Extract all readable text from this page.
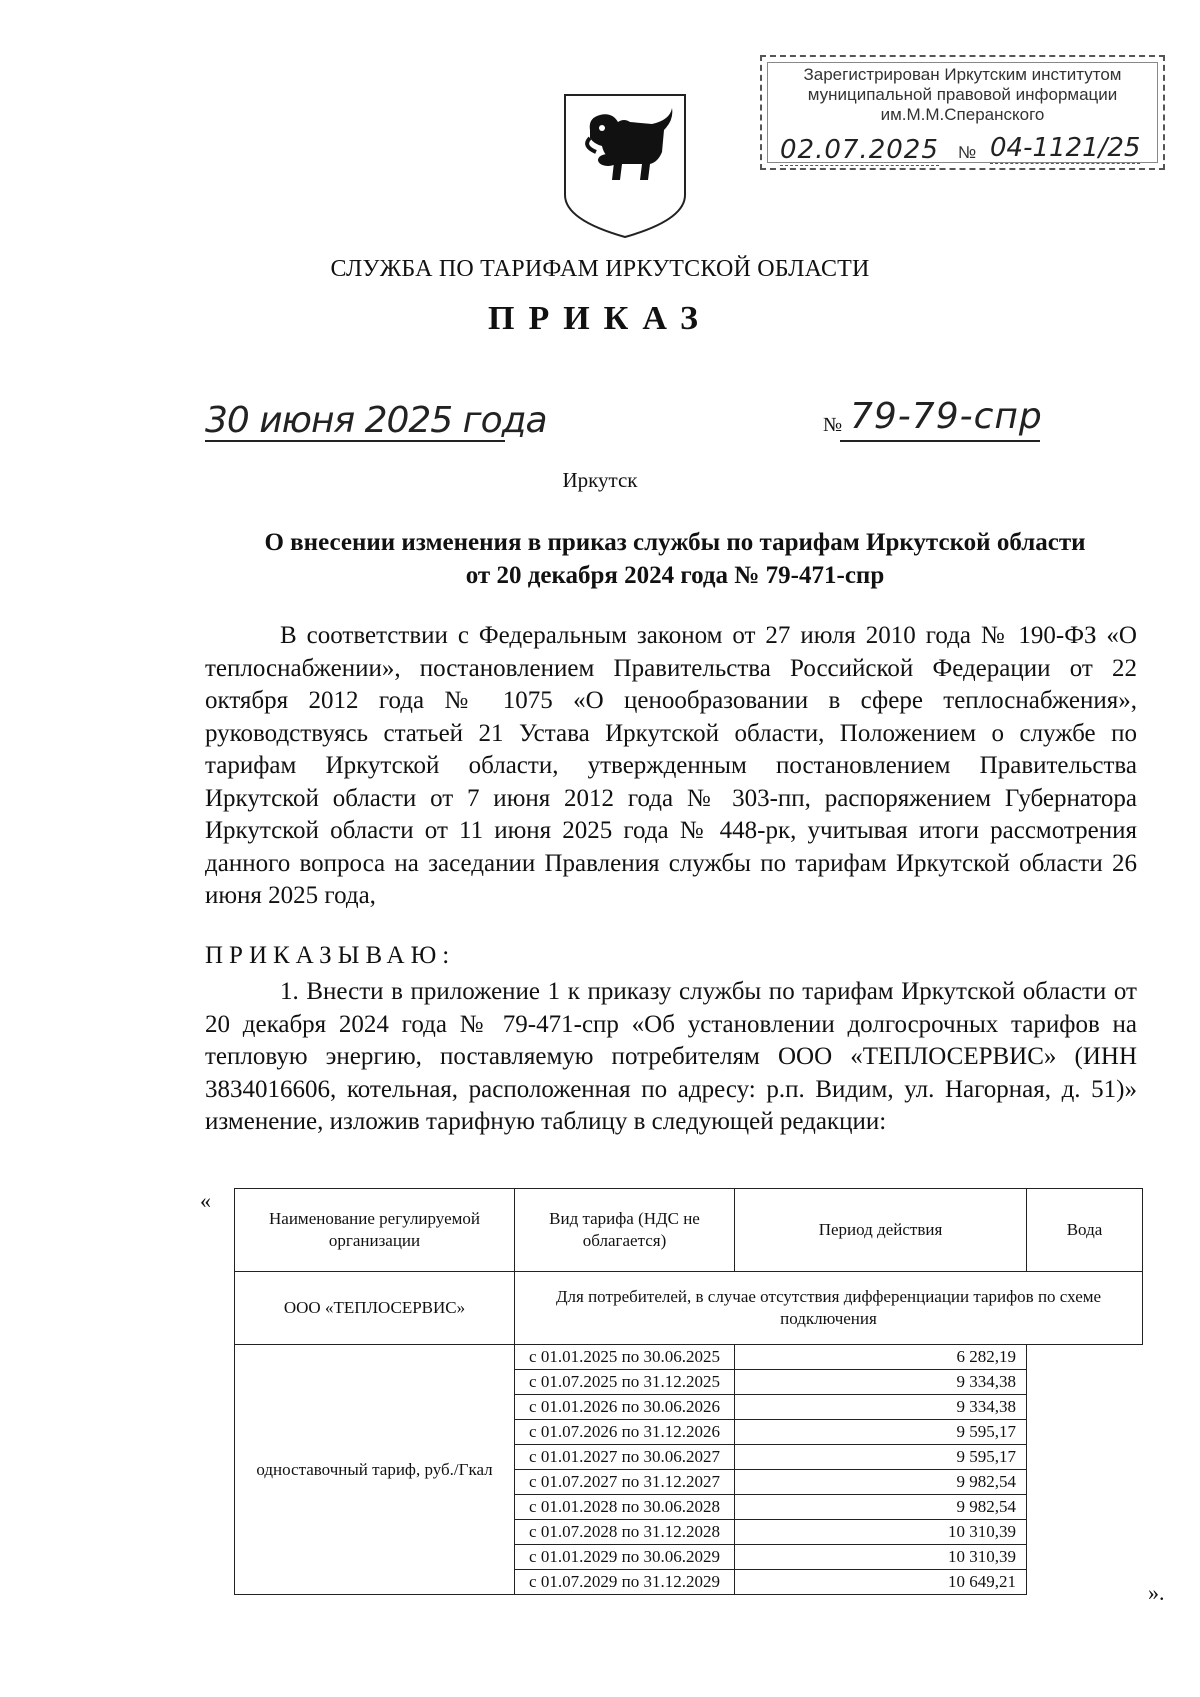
Зарегистрирован Иркутским институтом
муниципальной правовой информации
им.М.М.Сперанского
02.07.2025 № 04-1121/25
СЛУЖБА ПО ТАРИФАМ ИРКУТСКОЙ ОБЛАСТИ
ПРИКАЗ
30 июня 2025 года	№ 79-79-спр
Иркутск
О внесении изменения в приказ службы по тарифам Иркутской области
от 20 декабря 2024 года № 79-471-спр
В соответствии с Федеральным законом от 27 июля 2010 года № 190-ФЗ «О теплоснабжении», постановлением Правительства Российской Федерации от 22 октября 2012 года № 1075 «О ценообразовании в сфере теплоснабжения», руководствуясь статьей 21 Устава Иркутской области, Положением о службе по тарифам Иркутской области, утвержденным постановлением Правительства Иркутской области от 7 июня 2012 года № 303-пп, распоряжением Губернатора Иркутской области от 11 июня 2025 года № 448-рк, учитывая итоги рассмотрения данного вопроса на заседании Правления службы по тарифам Иркутской области 26 июня 2025 года,
ПРИКАЗЫВАЮ:
1. Внести в приложение 1 к приказу службы по тарифам Иркутской области от 20 декабря 2024 года № 79-471-спр «Об установлении долгосрочных тарифов на тепловую энергию, поставляемую потребителям ООО «ТЕПЛОСЕРВИС» (ИНН 3834016606, котельная, расположенная по адресу: р.п. Видим, ул. Нагорная, д. 51)» изменение, изложив тарифную таблицу в следующей редакции:
«
Наименование регулируемой организации	Вид тарифа (НДС не облагается)	Период действия	Вода
ООО «ТЕПЛОСЕРВИС»	Для потребителей, в случае отсутствия дифференциации тарифов по схеме подключения		
одноставочный тариф, руб./Гкал	с 01.01.2025 по 30.06.2025	6 282,19	
	с 01.07.2025 по 31.12.2025	9 334,38	
	с 01.01.2026 по 30.06.2026	9 334,38	
	с 01.07.2026 по 31.12.2026	9 595,17	
	с 01.01.2027 по 30.06.2027	9 595,17	
	с 01.07.2027 по 31.12.2027	9 982,54	
	с 01.01.2028 по 30.06.2028	9 982,54	
	с 01.07.2028 по 31.12.2028	10 310,39	
	с 01.01.2029 по 30.06.2029	10 310,39	
	с 01.07.2029 по 31.12.2029	10 649,21		».
